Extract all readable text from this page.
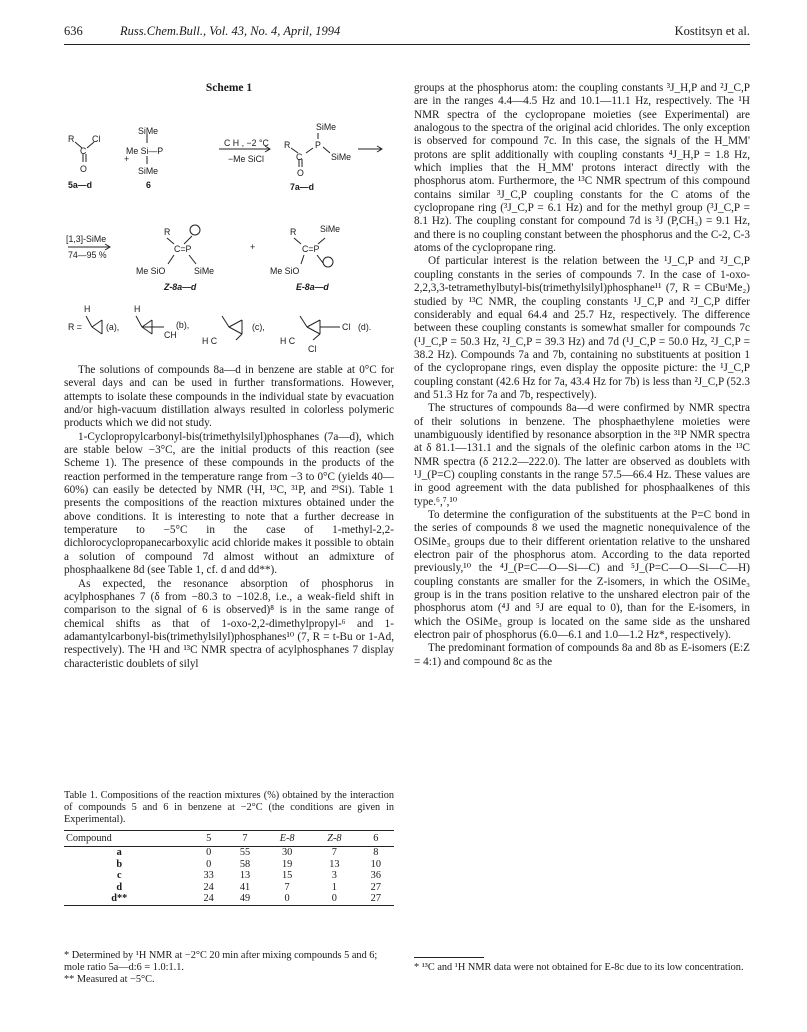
636	Russ.Chem.Bull., Vol. 43, No. 4, April, 1994	Kostitsyn et al.
Scheme 1
R Cl
C
O
5a—d
+
SiMe
Me Si—P
SiMe
6
C H , −2 °C
−Me SiCl
SiMe
R
C
P
SiMe
O
7a—d
[1,3]-SiMe
74—95 %
R
C=P
Me SiO	SiMe
Z-8a—d
+
R	SiMe
C=P
Me SiO
E-8a—d
R =
H
(a),
H
CH
(b),
H C
(c),
H C
Cl (d).
Cl

The solutions of compounds 8a—d in benzene are stable at 0°C for several days and can be used in further transformations. However, attempts to isolate these compounds in the individual state by evacuation and/or high-vacuum distillation always resulted in colorless polymeric products which we did not study.

1-Cyclopropylcarbonyl-bis(trimethylsilyl)phosphanes (7a—d), which are stable below −3°C, are the initial products of this reaction (see Scheme 1). The presence of these compounds in the products of the reaction performed in the temperature range from −3 to 0°C (yields 40—60%) can easily be detected by NMR (¹H, ¹³C, ³¹P, and ²⁹Si). Table 1 presents the compositions of the reaction mixtures obtained under the above conditions. It is interesting to note that a further decrease in temperature to −5°C in the case of 1-methyl-2,2-dichlorocyclopropanecarboxylic acid chloride makes it possible to obtain a solution of compound 7d almost without an admixture of phosphaalkene 8d (see Table 1, cf. d and dd**).

As expected, the resonance absorption of phosphorus in acylphosphanes 7 (δ from −80.3 to −102.8, i.e., a weak-field shift in comparison to the signal of 6 is observed)⁸ is in the same range of chemical shifts as that of 1-oxo-2,2-dimethylpropyl-⁶ and 1-adamantylcarbonyl-bis(trimethylsilyl)phosphanes¹⁰ (7, R = t-Bu or 1-Ad, respectively). The ¹H and ¹³C NMR spectra of acylphosphanes 7 display characteristic doublets of silyl

Table 1. Compositions of the reaction mixtures (%) obtained by the interaction of compounds 5 and 6 in benzene at −2°C (the conditions are given in Experimental).
Compound	5	7	E-8	Z-8	6
a	0	55	30	7	8
b	0	58	19	13	10
c	33	13	15	3	36
d	24	41	7	1	27
d**	24	49	0	0	27
* Determined by ¹H NMR at −2°C 20 min after mixing compounds 5 and 6; mole ratio 5a—d:6 = 1.0:1.1.
** Measured at −5°C.

groups at the phosphorus atom: the coupling constants ³J_H,P and ²J_C,P are in the ranges 4.4—4.5 Hz and 10.1—11.1 Hz, respectively. The ¹H NMR spectra of the cyclopropane moieties (see Experimental) are analogous to the spectra of the original acid chlorides. The only exception is observed for compound 7c. In this case, the signals of the H_MM' protons are split additionally with coupling constants ⁴J_H,P = 1.8 Hz, which implies that the H_MM' protons interact directly with the phosphorus atom. Furthermore, the ¹³C NMR spectrum of this compound contains similar ³J_C,P coupling constants for the C atoms of the cyclopropane ring (³J_C,P = 6.1 Hz) and for the methyl group (³J_C,P = 8.1 Hz). The coupling constant for compound 7d is ³J (P,CH₃) = 9.1 Hz, and there is no coupling constant between the phosphorus and the C-2, C-3 atoms of the cyclopropane ring.

Of particular interest is the relation between the ¹J_C,P and ²J_C,P coupling constants in the series of compounds 7. In the case of 1-oxo-2,2,3,3-tetramethylbutyl-bis(trimethylsilyl)phosphane¹¹ (7, R = CBuᵗMe₂) studied by ¹³C NMR, the coupling constants ¹J_C,P and ²J_C,P differ considerably and equal 64.4 and 25.7 Hz, respectively. The difference between these coupling constants is somewhat smaller for compounds 7c (¹J_C,P = 50.3 Hz, ²J_C,P = 39.3 Hz) and 7d (¹J_C,P = 50.0 Hz, ²J_C,P = 38.2 Hz). Compounds 7a and 7b, containing no substituents at position 1 of the cyclopropane rings, even display the opposite picture: the ¹J_C,P coupling constant (42.6 Hz for 7a, 43.4 Hz for 7b) is less than ²J_C,P (52.3 and 51.3 Hz for 7a and 7b, respectively).

The structures of compounds 8a—d were confirmed by NMR spectra of their solutions in benzene. The phosphaethylene moieties were unambiguously identified by resonance absorption in the ³¹P NMR spectra at δ 81.1—131.1 and the signals of the olefinic carbon atoms in the ¹³C NMR spectra (δ 212.2—222.0). The latter are observed as doublets with ¹J_(P=C) coupling constants in the range 57.5—66.4 Hz. These values are in good agreement with the data published for phosphaalkenes of this type.⁶,⁷,¹⁰

To determine the configuration of the substituents at the P=C bond in the series of compounds 8 we used the magnetic nonequivalence of the OSiMe₃ groups due to their different orientation relative to the unshared electron pair of the phosphorus atom. According to the data reported previously,¹⁰ the ⁴J_(P=C—O—Si—C) and ⁵J_(P=C—O—Si—C—H) coupling constants are smaller for the Z-isomers, in which the OSiMe₃ group is in the trans position relative to the unshared electron pair of the phosphorus atom (⁴J and ⁵J are equal to 0), than for the E-isomers, in which the OSiMe₃ group is located on the same side as the unshared electron pair of phosphorus (6.0—6.1 and 1.0—1.2 Hz*, respectively).

The predominant formation of compounds 8a and 8b as E-isomers (E:Z = 4:1) and compound 8c as the

* ¹³C and ¹H NMR data were not obtained for E-8c due to its low concentration.
